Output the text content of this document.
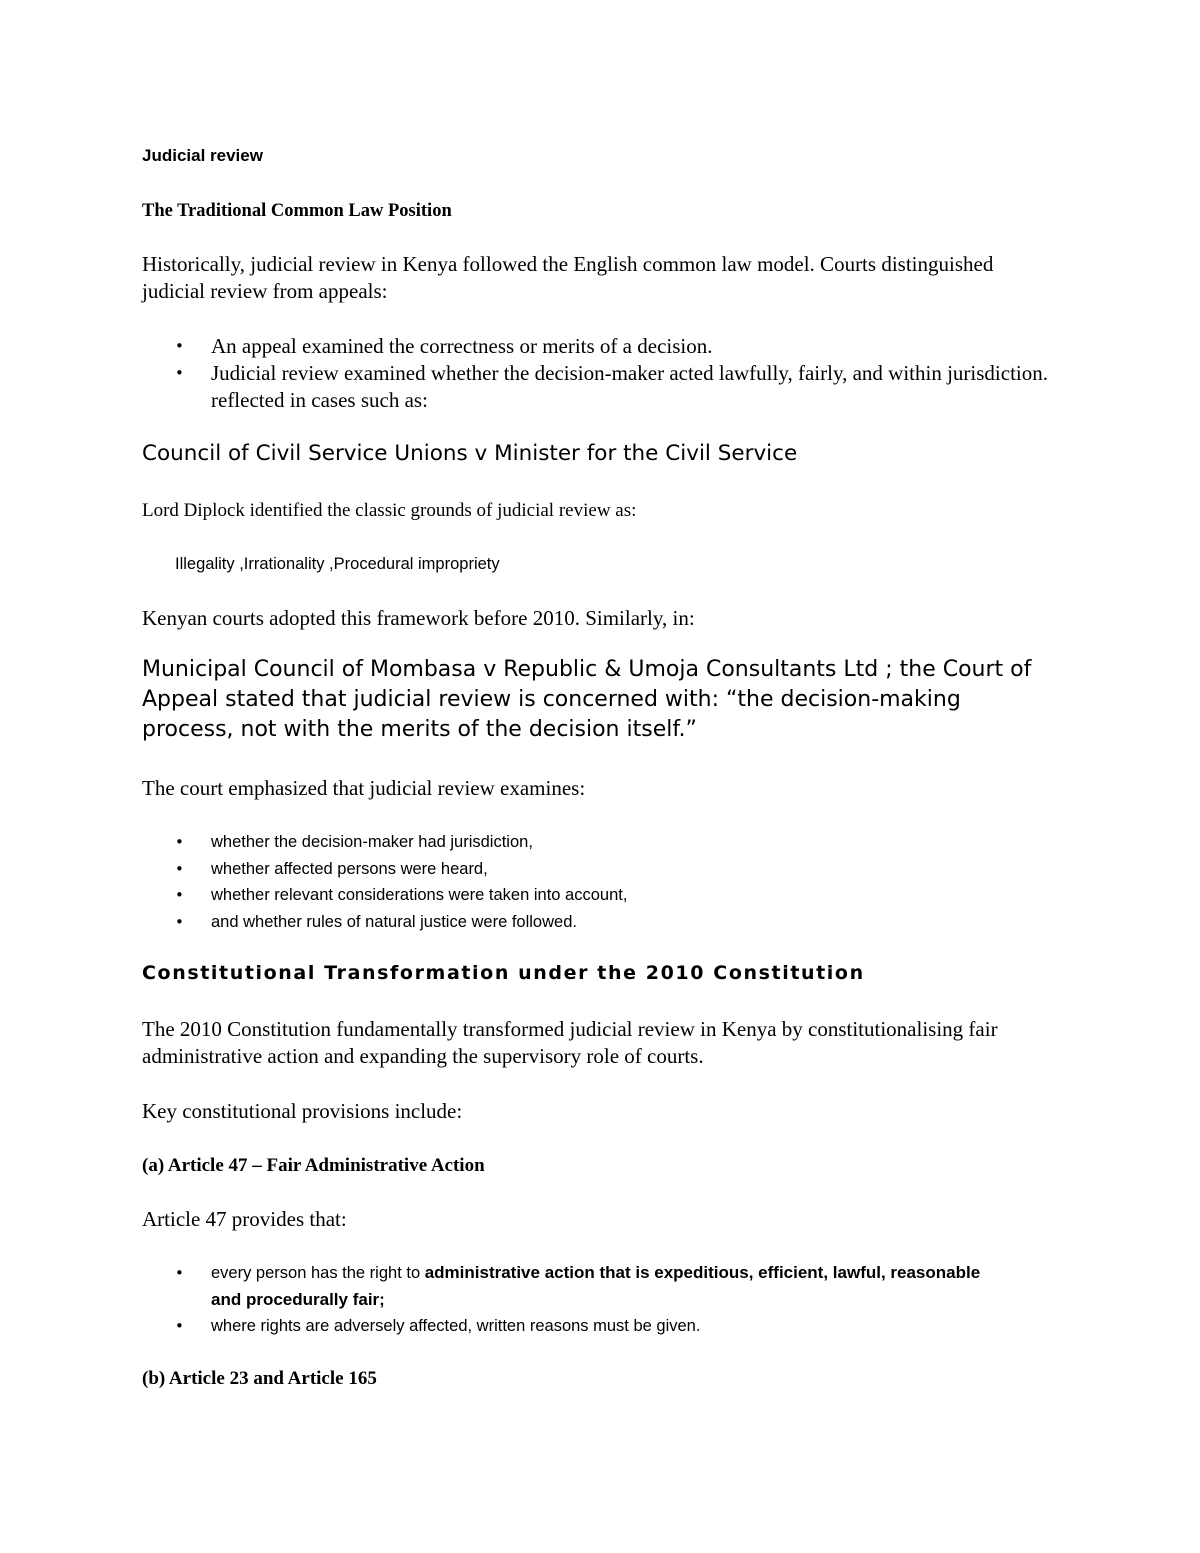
Judicial review

The Traditional Common Law Position

Historically, judicial review in Kenya followed the English common law model. Courts distinguished judicial review from appeals:

• An appeal examined the correctness or merits of a decision.
• Judicial review examined whether the decision-maker acted lawfully, fairly, and within jurisdiction. reflected in cases such as:

Council of Civil Service Unions v Minister for the Civil Service

Lord Diplock identified the classic grounds of judicial review as:

Illegality ,Irrationality ,Procedural impropriety

Kenyan courts adopted this framework before 2010. Similarly, in:

Municipal Council of Mombasa v Republic & Umoja Consultants Ltd ; the Court of Appeal stated that judicial review is concerned with: “the decision-making process, not with the merits of the decision itself.”

The court emphasized that judicial review examines:

• whether the decision-maker had jurisdiction,
• whether affected persons were heard,
• whether relevant considerations were taken into account,
• and whether rules of natural justice were followed.

Constitutional Transformation under the 2010 Constitution

The 2010 Constitution fundamentally transformed judicial review in Kenya by constitutionalising fair administrative action and expanding the supervisory role of courts.

Key constitutional provisions include:

(a) Article 47 – Fair Administrative Action

Article 47 provides that:

• every person has the right to administrative action that is expeditious, efficient, lawful, reasonable and procedurally fair;
• where rights are adversely affected, written reasons must be given.

(b) Article 23 and Article 165
